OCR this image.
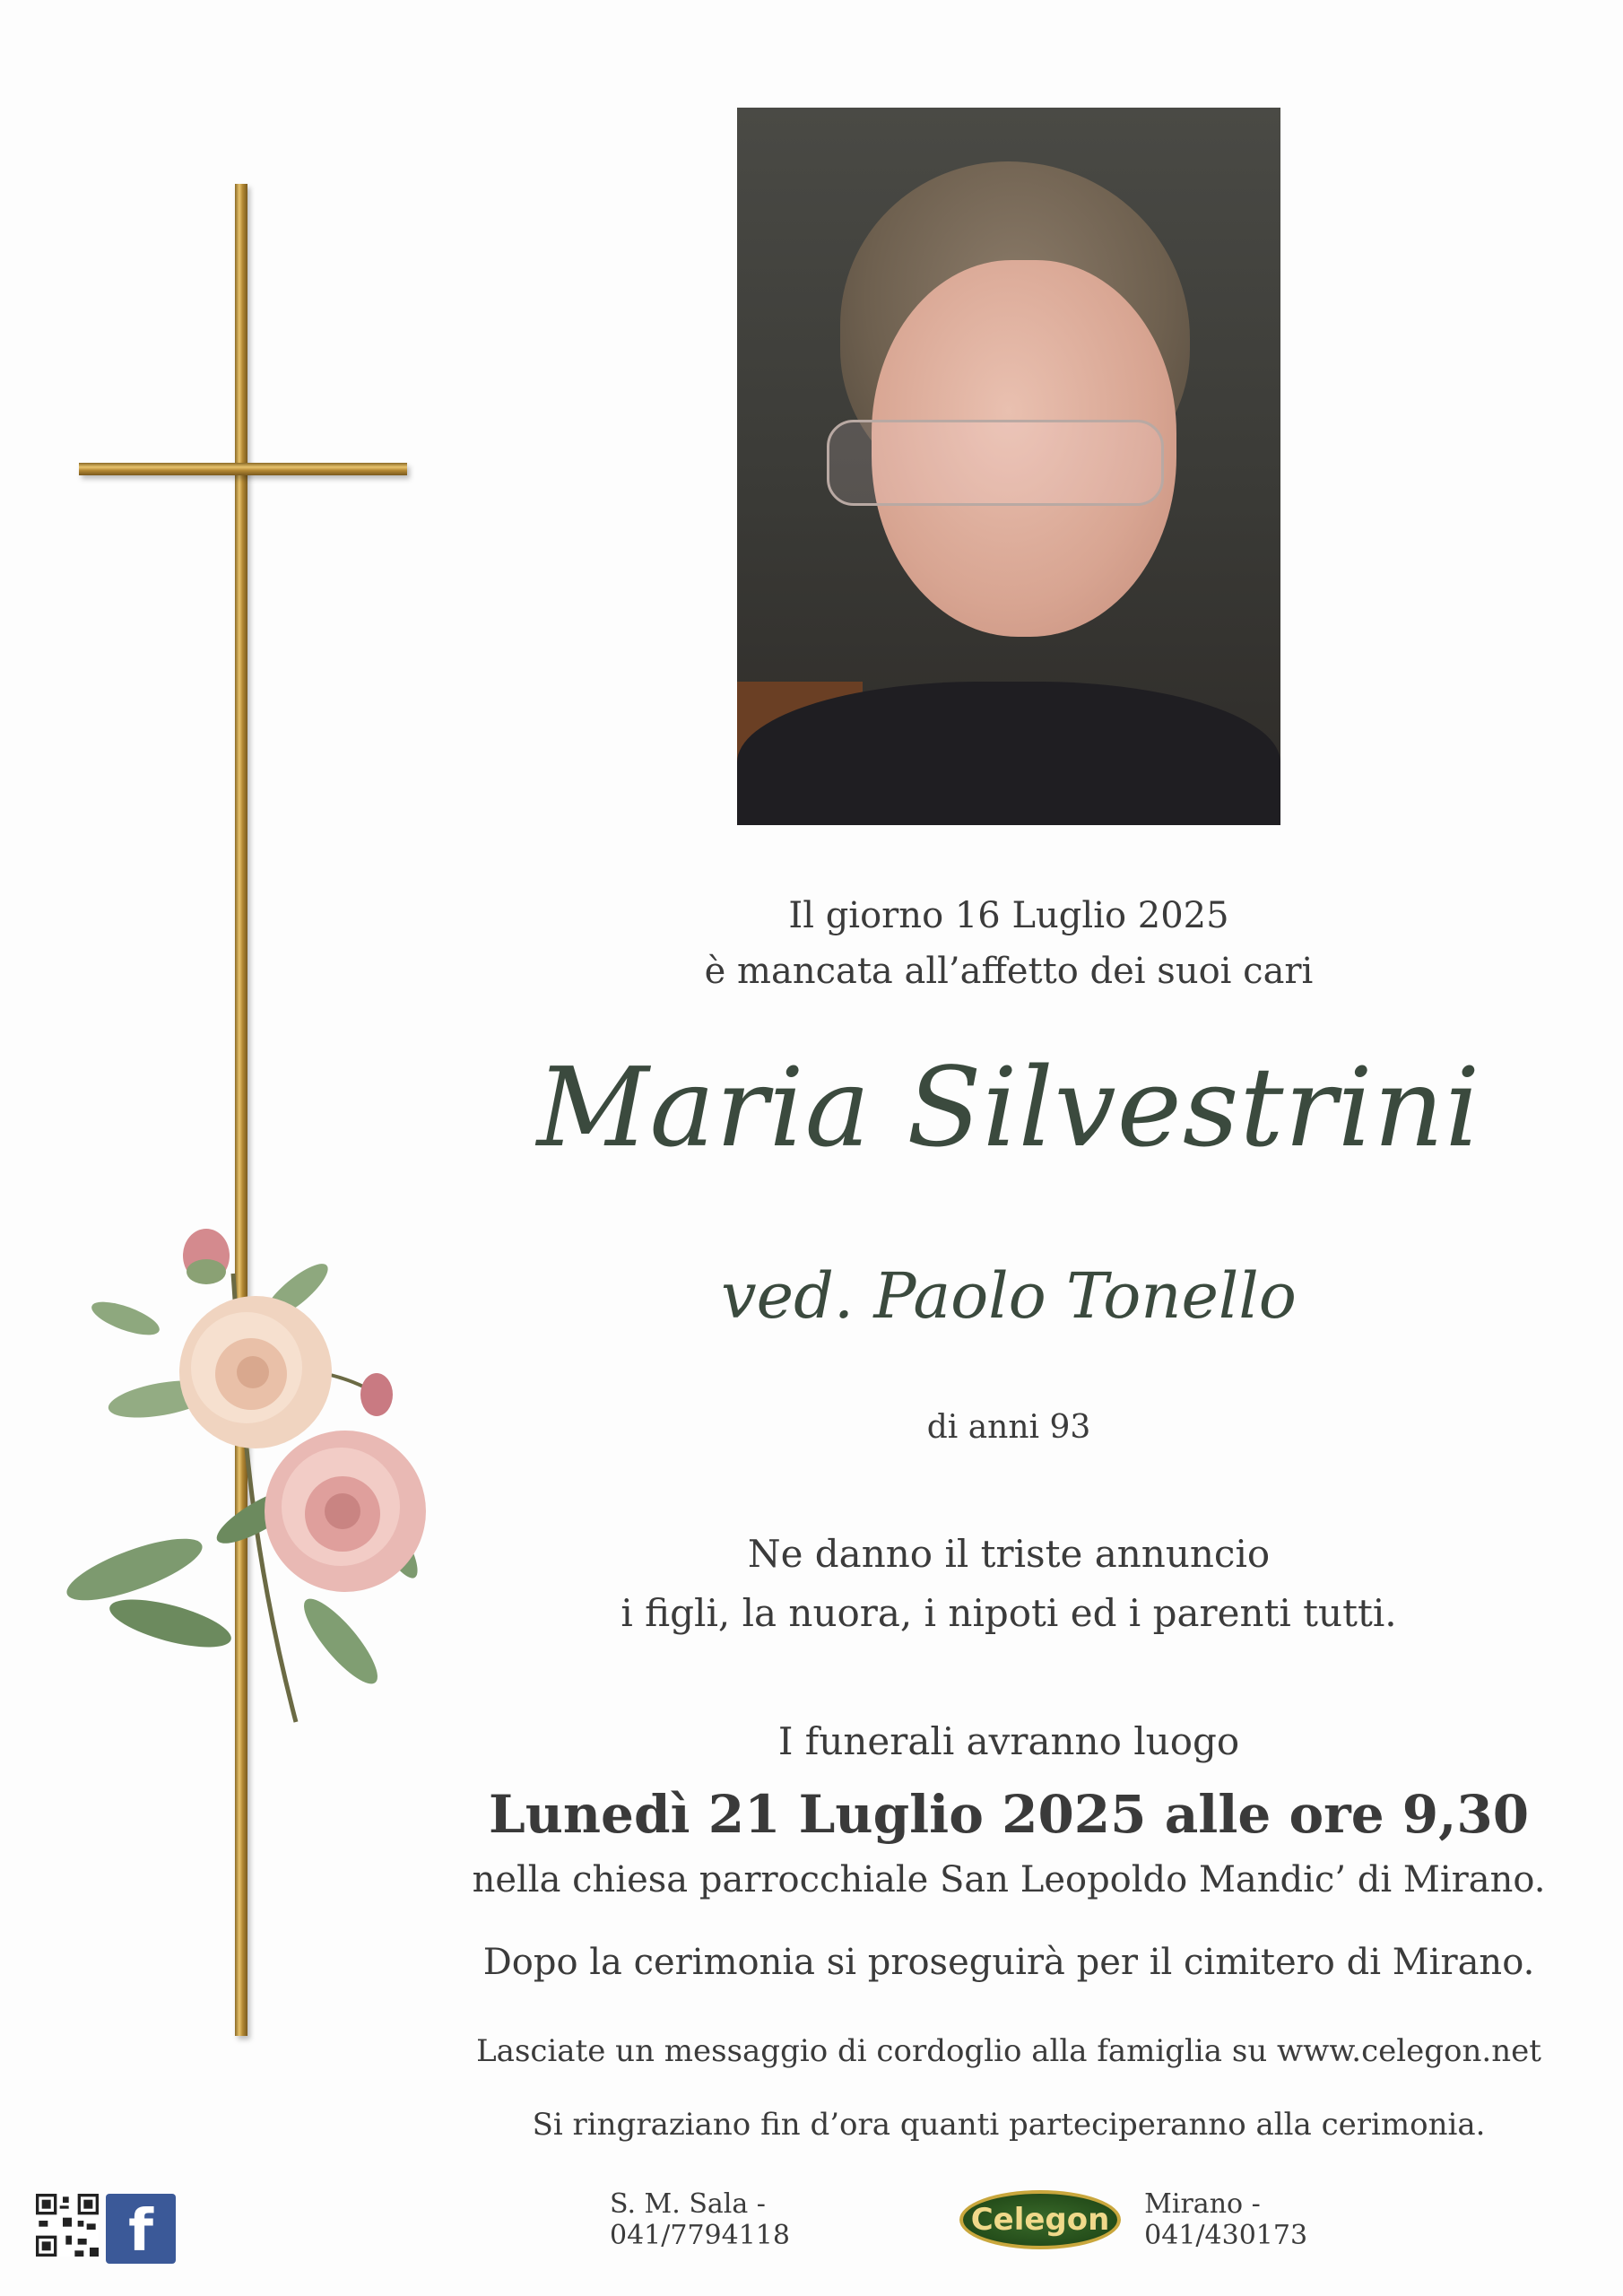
Il giorno 16 Luglio 2025
è mancata all’affetto dei suoi cari
Maria Silvestrini
ved. Paolo Tonello
di anni 93
Ne danno il triste annuncio
i figli, la nuora, i nipoti ed i parenti tutti.
I funerali avranno luogo
Lunedì 21 Luglio 2025 alle ore 9,30
nella chiesa parrocchiale San Leopoldo Mandic’ di Mirano.
Dopo la cerimonia si proseguirà per il cimitero di Mirano.
Lasciate un messaggio di cordoglio alla famiglia su www.celegon.net
Si ringraziano fin d’ora quanti parteciperanno alla cerimonia.
f	S. M. Sala - 041/7794118	Celegon	Mirano - 041/430173
